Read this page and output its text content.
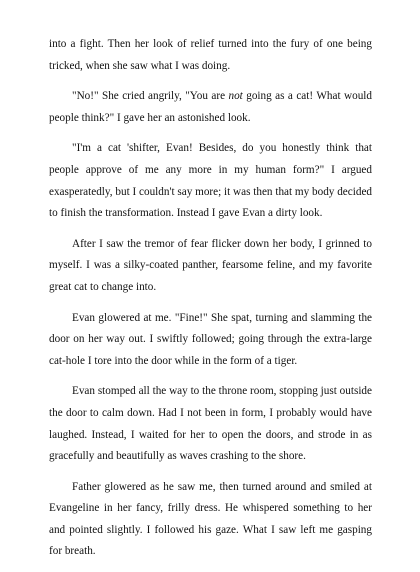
into a fight. Then her look of relief turned into the fury of one being tricked, when she saw what I was doing.

"No!" She cried angrily, "You are not going as a cat! What would people think?" I gave her an astonished look.

"I'm a cat 'shifter, Evan! Besides, do you honestly think that people approve of me any more in my human form?" I argued exasperatedly, but I couldn't say more; it was then that my body decided to finish the transformation. Instead I gave Evan a dirty look.

After I saw the tremor of fear flicker down her body, I grinned to myself. I was a silky-coated panther, fearsome feline, and my favorite great cat to change into.

Evan glowered at me. "Fine!" She spat, turning and slamming the door on her way out. I swiftly followed; going through the extra-large cat-hole I tore into the door while in the form of a tiger.

Evan stomped all the way to the throne room, stopping just outside the door to calm down. Had I not been in form, I probably would have laughed. Instead, I waited for her to open the doors, and strode in as gracefully and beautifully as waves crashing to the shore.

Father glowered as he saw me, then turned around and smiled at Evangeline in her fancy, frilly dress. He whispered something to her and pointed slightly. I followed his gaze. What I saw left me gasping for breath.
